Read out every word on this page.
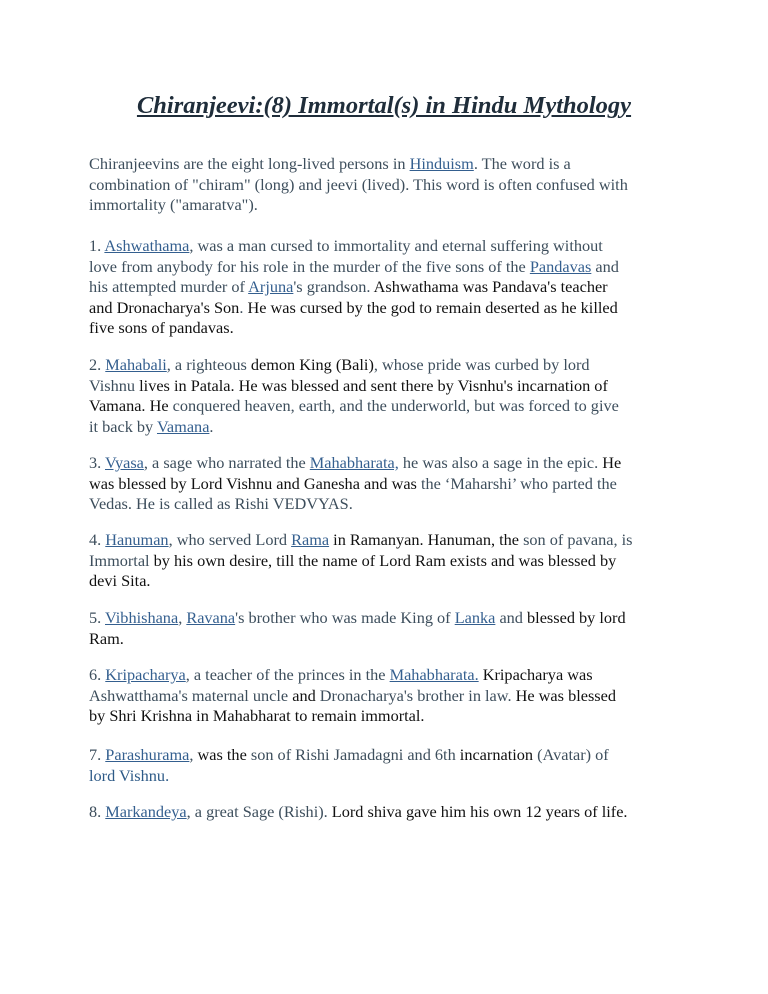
Chiranjeevi:(8) Immortal(s) in Hindu Mythology

Chiranjeevins are the eight long-lived persons in Hinduism. The word is a
combination of "chiram" (long) and jeevi (lived). This word is often confused with
immortality ("amaratva").

1. Ashwathama, was a man cursed to immortality and eternal suffering without
love from anybody for his role in the murder of the five sons of the Pandavas and
his attempted murder of Arjuna's grandson. Ashwathama was Pandava's teacher
and Dronacharya's Son. He was cursed by the god to remain deserted as he killed
five sons of pandavas.

2. Mahabali, a righteous demon King (Bali), whose pride was curbed by lord
Vishnu lives in Patala. He was blessed and sent there by Visnhu's incarnation of
Vamana. He conquered heaven, earth, and the underworld, but was forced to give
it back by Vamana.

3. Vyasa, a sage who narrated the Mahabharata, he was also a sage in the epic. He
was blessed by Lord Vishnu and Ganesha and was the ‘Maharshi’ who parted the
Vedas. He is called as Rishi VEDVYAS.

4. Hanuman, who served Lord Rama in Ramanyan. Hanuman, the son of pavana, is
Immortal by his own desire, till the name of Lord Ram exists and was blessed by
devi Sita.

5. Vibhishana, Ravana's brother who was made King of Lanka and blessed by lord
Ram.

6. Kripacharya, a teacher of the princes in the Mahabharata. Kripacharya was
Ashwatthama's maternal uncle and Dronacharya's brother in law. He was blessed
by Shri Krishna in Mahabharat to remain immortal.

7. Parashurama, was the son of Rishi Jamadagni and 6th incarnation (Avatar) of
lord Vishnu.

8. Markandeya, a great Sage (Rishi). Lord shiva gave him his own 12 years of life.
